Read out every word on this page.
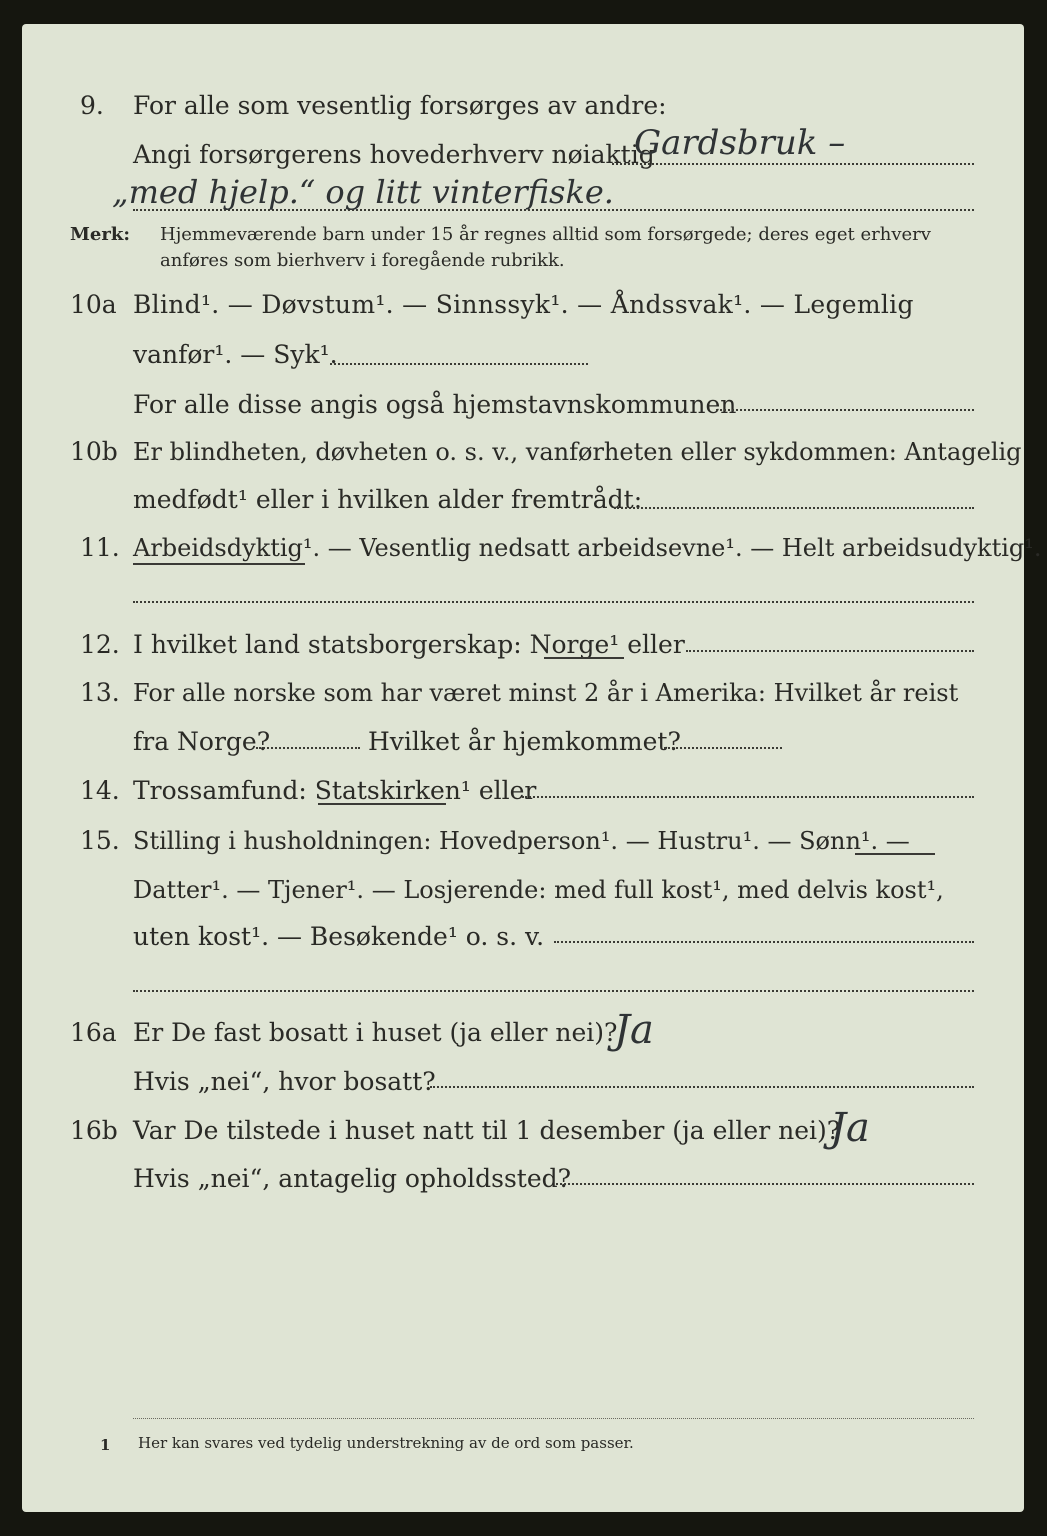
9. For alle som vesentlig forsørges av andre:
Angi forsørgerens hovederhverv nøiaktig
Gardsbruk –
„med hjelp.“ og litt vinterfiske.
Merk: Hjemmeværende barn under 15 år regnes alltid som forsørgede; deres eget erhverv
anføres som bierhverv i foregående rubrikk.
10a Blind¹. — Døvstum¹. — Sinnssyk¹. — Åndssvak¹. — Legemlig
vanfør¹. — Syk¹.
For alle disse angis også hjemstavnskommunen
10b Er blindheten, døvheten o. s. v., vanførheten eller sykdommen: Antagelig
medfødt¹ eller i hvilken alder fremtrådt:
11. Arbeidsdyktig¹. — Vesentlig nedsatt arbeidsevne¹. — Helt arbeidsudyktig¹.
12. I hvilket land statsborgerskap: Norge¹ eller
13. For alle norske som har været minst 2 år i Amerika: Hvilket år reist
fra Norge?	Hvilket år hjemkommet?
14. Trossamfund: Statskirken¹ eller
15. Stilling i husholdningen: Hovedperson¹. — Hustru¹. — Sønn¹. —
Datter¹. — Tjener¹. — Losjerende: med full kost¹, med delvis kost¹,
uten kost¹. — Besøkende¹ o. s. v.
16a Er De fast bosatt i huset (ja eller nei)?
Ja
Hvis „nei“, hvor bosatt?
16b Var De tilstede i huset natt til 1 desember (ja eller nei)?
Ja
Hvis „nei“, antagelig opholdssted?
1 Her kan svares ved tydelig understrekning av de ord som passer.
